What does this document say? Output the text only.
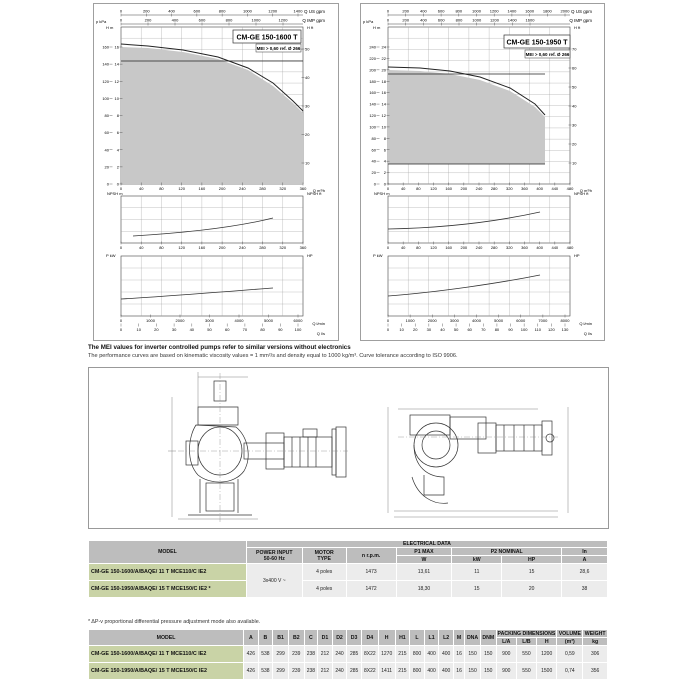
0	200	400	600	800	1000	1200	1400
0	200	400	600	800	1000	1200
Q US gpm
Q IMP gpm
160
140
120
100
80
60
40
20
0
16
14
12
10
8
6
4
2
0
50
40
30
20
10
p kPa
H m	H ft
CM-GE 150-1600 T
MEI > 0,60 ref. Ø 266
0	40	80	120	160	200	240	280	320	360 Q m³/h
NPSH m	NPSH ft
0	40	80	120	160	200	240	280	320	360
P kW	HP
0	1000	2000	3000	4000	5000	6000
Q l/min
0	10	20	30	40	50	60	70	80	90	100
Q l/s
0	200	400	600	800 1000 1200 1400 1600 1800 2000
0	200	400	600	800 1000 1200 1400 1600
Q US gpm
Q IMP gpm
240
220
200
180
160
140
120
100
80
60
40
20
0
24
22
20
18
16
14
12
10
8
6
4
2
0
70
60
50
40
30
20
10
p kPa
H m	H ft
CM-GE 150-1950 T
MEI > 0,60 ref. Ø 266
0	40	80 120 160 200 240 280 320 360 400 440 480 Q m³/h
NPSH m	NPSH ft
0	40	80 120 160 200 240 280 320 360 400 440 480
P kW	HP
0	1000	2000	3000	4000	5000	6000	7000	8000
Q l/min
0	10 20 30 40 50 60 70 80 90 100 110 120 130
Q l/s
The MEI values for inverter controlled pumps refer to similar versions without electronics
The performance curves are based on kinematic viscosity values = 1 mm²/s and density equal to 1000 kg/m³. Curve tolerance according to ISO 9906.
MODEL	ELECTRICAL DATA						
	POWER INPUT
50-60 Hz	MOTOR
TYPE	n r.p.m.	P1 MAX	P2 NOMINAL		In
				W	kW	HP	A
CM-GE 150-1600/A/BAQE/ 11 T MCE110/C IE2	3x400 V ~	4 poles	1473	13,61	11	15	28,6
CM-GE 150-1950/A/BAQE/ 15 T MCE150/C IE2 *		4 poles	1472	18,30	15	20	38
* ΔP-v proportional differential pressure adjustment mode also available.
MODEL	A	B	B1	B2	C	D1	D2	D3	D4	H	H1	L	L1	L2	M	DNA	DNM	PACKING DIMENSIONS			VOLUME	WEIGHT
																		L/A	L/B	H	(m³)	kg
CM-GE 150-1600/A/BAQE/ 11 T MCE110/C IE2	426	538	299	239	238	212	240	285	8X22	1270	215	800	400	400	16	150	150	900	550	1200	0,59	306
CM-GE 150-1950/A/BAQE/ 15 T MCE150/C IE2	426	538	299	239	238	212	240	285	8X22	1411	215	800	400	400	16	150	150	900	550	1500	0,74	356
